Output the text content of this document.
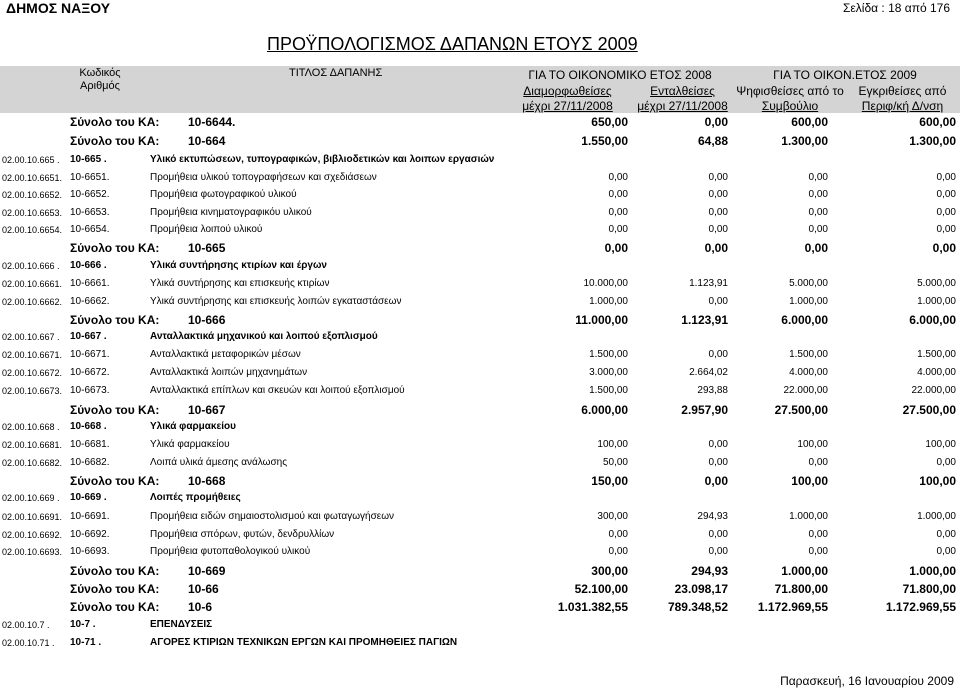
ΔΗΜΟΣ ΝΑΞΟΥ	Σελίδα : 18 από 176
ΠΡΟΫΠΟΛΟΓΙΣΜΟΣ ΔΑΠΑΝΩΝ ΕΤΟΥΣ 2009
Κωδικός
Αριθμός
ΤΙΤΛΟΣ ΔΑΠΑΝΗΣ	ΓΙΑ ΤΟ ΟΙΚΟΝΟΜΙΚΟ ΕΤΟΣ 2008	ΓΙΑ ΤΟ ΟΙΚΟΝ.ΕΤΟΣ 2009
Διαμορφωθείσες
μέχρι 27/11/2008
Ενταλθείσες
μέχρι 27/11/2008
Ψηφισθείσες από το
Συμβούλιο
Εγκριθείσες από
Περιφ/κή Δ/νση
Σύνολο του ΚΑ: 10-6644.	650,00	0,00	600,00	600,00
Σύνολο του ΚΑ: 10-664	1.550,00	64,88	1.300,00	1.300,00
02.00.10.665 . 10-665 .	Υλικό εκτυπώσεων, τυπογραφικών, βιβλιοδετικών και λοιπων εργασιών
02.00.10.6651. 10-6651.	Προμήθεια υλικού τοπογραφήσεων και σχεδιάσεων	0,00	0,00	0,00	0,00
02.00.10.6652. 10-6652.	Προμήθεια φωτογραφικού υλικού	0,00	0,00	0,00	0,00
02.00.10.6653. 10-6653.	Προμήθεια κινηματογραφικόυ υλικού	0,00	0,00	0,00	0,00
02.00.10.6654. 10-6654.	Προμήθεια λοιπού υλικού	0,00	0,00	0,00	0,00
Σύνολο του ΚΑ: 10-665	0,00	0,00	0,00	0,00
02.00.10.666 . 10-666 .	Υλικά συντήρησης κτιρίων και έργων
02.00.10.6661. 10-6661.	Υλικά συντήρησης και επισκευής κτιρίων	10.000,00	1.123,91	5.000,00	5.000,00
02.00.10.6662. 10-6662.	Υλικά συντήρησης και επισκευής λοιπών εγκαταστάσεων	1.000,00	0,00	1.000,00	1.000,00
Σύνολο του ΚΑ: 10-666	11.000,00	1.123,91	6.000,00	6.000,00
02.00.10.667 . 10-667 .	Ανταλλακτικά μηχανικού και λοιπού εξοπλισμού
02.00.10.6671. 10-6671.	Ανταλλακτικά μεταφορικών μέσων	1.500,00	0,00	1.500,00	1.500,00
02.00.10.6672. 10-6672.	Ανταλλακτικά λοιπών μηχανημάτων	3.000,00	2.664,02	4.000,00	4.000,00
02.00.10.6673. 10-6673.	Ανταλλακτικά επίπλων και σκευών και λοιπού εξοπλισμού	1.500,00	293,88	22.000,00	22.000,00
Σύνολο του ΚΑ: 10-667	6.000,00	2.957,90	27.500,00	27.500,00
02.00.10.668 . 10-668 .	Υλικά φαρμακείου
02.00.10.6681. 10-6681.	Υλικά φαρμακείου	100,00	0,00	100,00	100,00
02.00.10.6682. 10-6682.	Λοιπά υλικά άμεσης ανάλωσης	50,00	0,00	0,00	0,00
Σύνολο του ΚΑ: 10-668	150,00	0,00	100,00	100,00
02.00.10.669 . 10-669 .	Λοιπές προμήθειες
02.00.10.6691. 10-6691.	Προμήθεια ειδών σημαιοστολισμού και φωταγωγήσεων	300,00	294,93	1.000,00	1.000,00
02.00.10.6692. 10-6692.	Προμήθεια σπόρων, φυτών, δενδρυλλίων	0,00	0,00	0,00	0,00
02.00.10.6693. 10-6693.	Προμήθεια φυτοπαθολογικού υλικού	0,00	0,00	0,00	0,00
Σύνολο του ΚΑ: 10-669	300,00	294,93	1.000,00	1.000,00
Σύνολο του ΚΑ: 10-66	52.100,00	23.098,17	71.800,00	71.800,00
Σύνολο του ΚΑ: 10-6	1.031.382,55	789.348,52	1.172.969,55	1.172.969,55
02.00.10.7 . 10-7 .	ΕΠΕΝΔΥΣΕΙΣ
02.00.10.71 . 10-71 .	ΑΓΟΡΕΣ ΚΤΙΡΙΩΝ ΤΕΧΝΙΚΩΝ ΕΡΓΩΝ ΚΑΙ ΠΡΟΜΗΘΕΙΕΣ ΠΑΓΙΩΝ
Παρασκευή, 16 Ιανουαρίου 2009
